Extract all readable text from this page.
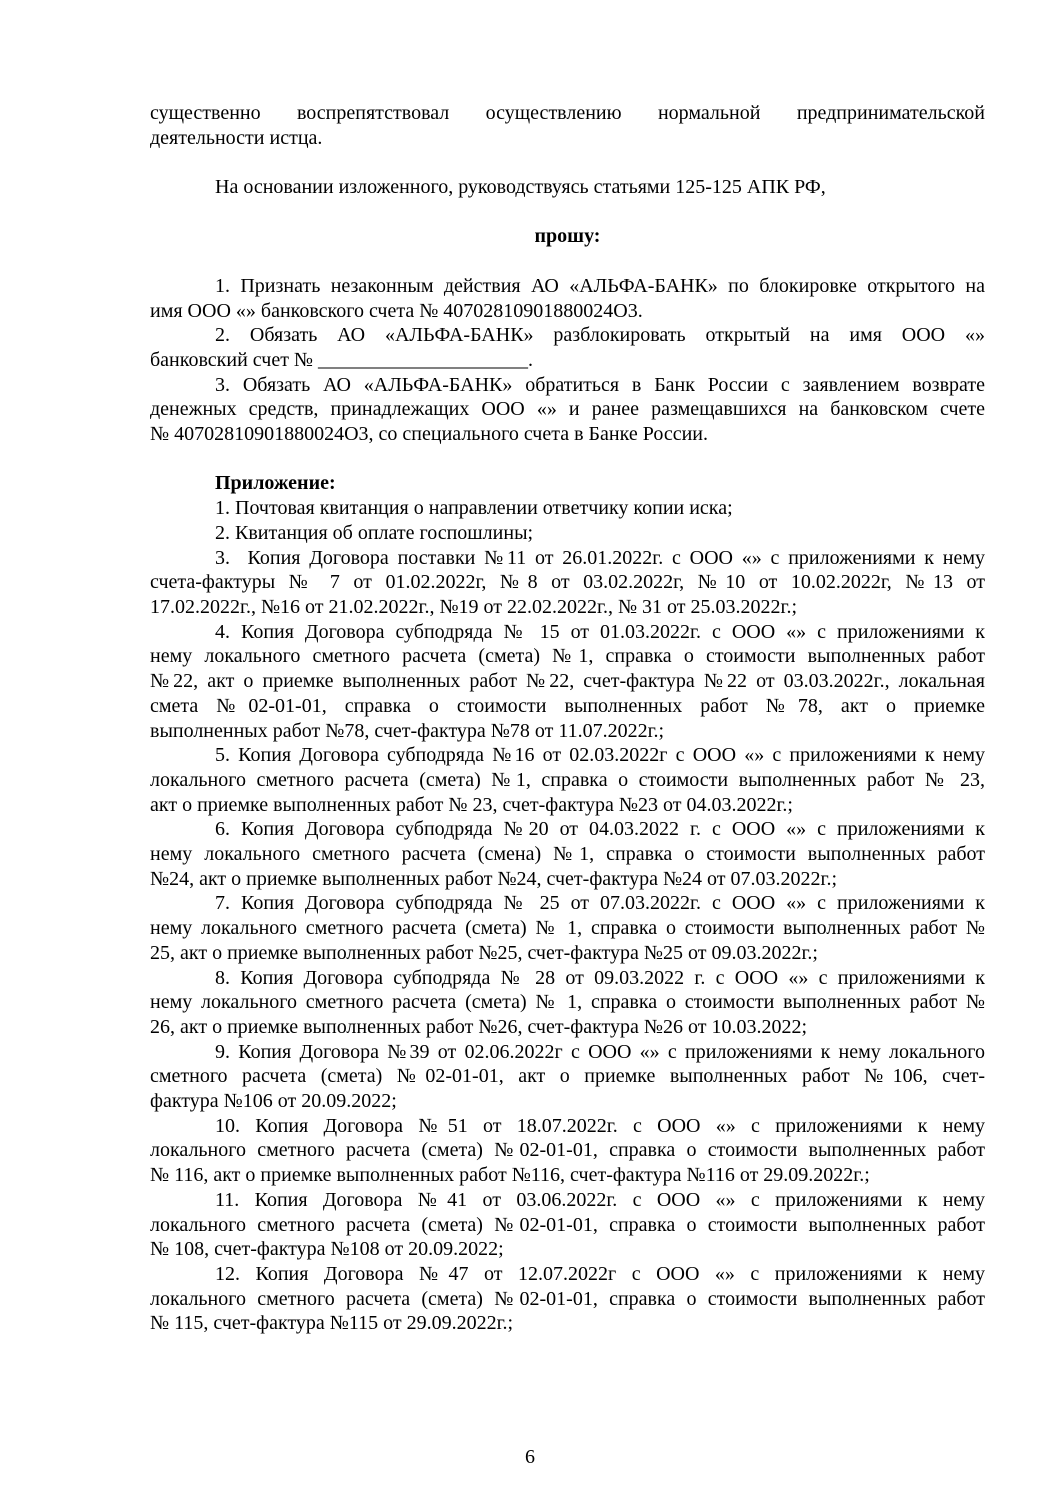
существенно воспрепятствовал осуществлению нормальной предпринимательской
деятельности истца.
На основании изложенного, руководствуясь статьями 125-125 АПК РФ,
прошу:
1. Признать незаконным действия АО «АЛЬФА-БАНК» по блокировке открытого на
имя ООО «» банковского счета № 40702810901880024О3.
2. Обязать АО «АЛЬФА-БАНК» разблокировать открытый на имя ООО «»
банковский счет № _____________________.
3. Обязать АО «АЛЬФА-БАНК» обратиться в Банк России с заявлением возврате
денежных средств, принадлежащих ООО «» и ранее размещавшихся на банковском счете
№ 40702810901880024О3, со специального счета в Банке России.
Приложение:
1. Почтовая квитанция о направлении ответчику копии иска;
2. Квитанция об оплате госпошлины;
3.  Копия Договора поставки №11 от 26.01.2022г. с ООО «» с приложениями к нему
счета-фактуры № 7 от 01.02.2022г, №8 от 03.02.2022г, №10 от 10.02.2022г, №13 от
17.02.2022г., №16 от 21.02.2022г., №19 от 22.02.2022г., № 31 от 25.03.2022г.;
4. Копия Договора субподряда № 15 от 01.03.2022г. с ООО «» с приложениями к
нему локального сметного расчета (смета) №1, справка о стоимости выполненных работ
№22, акт о приемке выполненных работ №22, счет-фактура №22 от 03.03.2022г., локальная
смета №02-01-01, справка о стоимости выполненных работ №78, акт о приемке
выполненных работ №78, счет-фактура №78 от 11.07.2022г.;
5. Копия Договора субподряда №16 от 02.03.2022г с ООО «» с приложениями к нему
локального сметного расчета (смета) №1, справка о стоимости выполненных работ № 23,
акт о приемке выполненных работ № 23, счет-фактура №23 от 04.03.2022г.;
6. Копия Договора субподряда №20 от 04.03.2022 г. с ООО «» с приложениями к
нему локального сметного расчета (смена) №1, справка о стоимости выполненных работ
№24, акт о приемке выполненных работ №24, счет-фактура №24 от 07.03.2022г.;
7. Копия Договора субподряда № 25 от 07.03.2022г. с ООО «» с приложениями к
нему локального сметного расчета (смета) № 1, справка о стоимости выполненных работ №
25, акт о приемке выполненных работ №25, счет-фактура №25 от 09.03.2022г.;
8. Копия Договора субподряда № 28 от 09.03.2022 г. с ООО «» с приложениями к
нему локального сметного расчета (смета) № 1, справка о стоимости выполненных работ №
26, акт о приемке выполненных работ №26, счет-фактура №26 от 10.03.2022;
9. Копия Договора №39 от 02.06.2022г с ООО «» с приложениями к нему локального
сметного расчета (смета) №02-01-01, акт о приемке выполненных работ №106, счет-
фактура №106 от 20.09.2022;
10. Копия Договора №51 от 18.07.2022г. с ООО «» с приложениями к нему
локального сметного расчета (смета) №02-01-01, справка о стоимости выполненных работ
№ 116, акт о приемке выполненных работ №116, счет-фактура №116 от 29.09.2022г.;
11. Копия Договора №41 от 03.06.2022г. с ООО «» с приложениями к нему
локального сметного расчета (смета) №02-01-01, справка о стоимости выполненных работ
№ 108, счет-фактура №108 от 20.09.2022;
12. Копия Договора №47 от 12.07.2022г с ООО «» с приложениями к нему
локального сметного расчета (смета) №02-01-01, справка о стоимости выполненных работ
№ 115, счет-фактура №115 от 29.09.2022г.;
6
